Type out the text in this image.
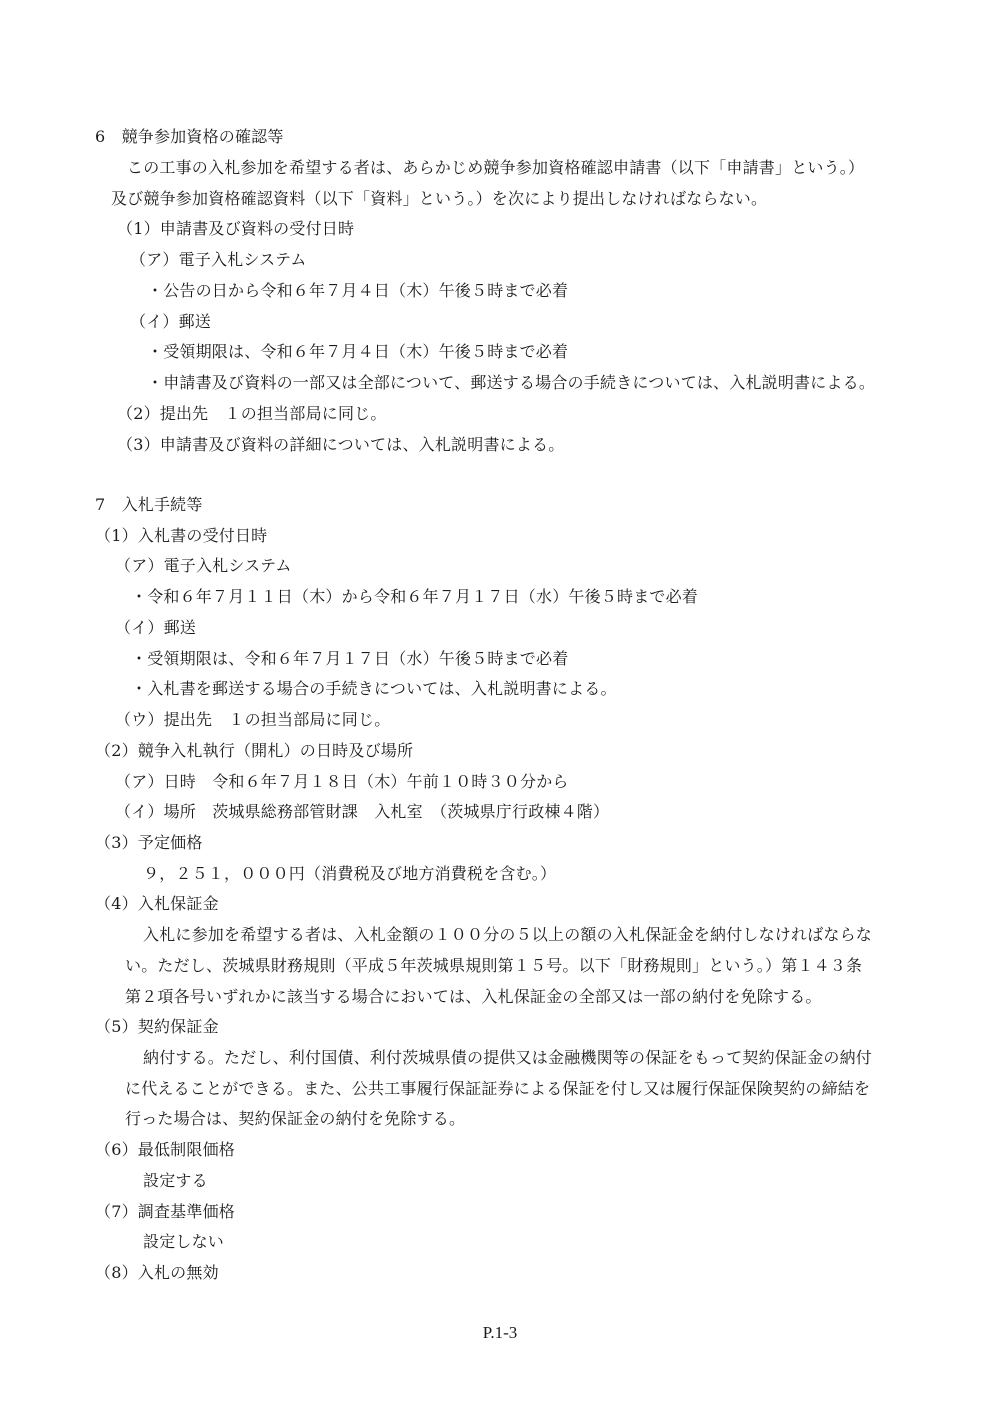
6　競争参加資格の確認等
この工事の入札参加を希望する者は、あらかじめ競争参加資格確認申請書（以下「申請書」という。）
及び競争参加資格確認資料（以下「資料」という。）を次により提出しなければならない。
（1）申請書及び資料の受付日時
（ア）電子入札システム
・公告の日から令和６年７月４日（木）午後５時まで必着
（イ）郵送
・受領期限は、令和６年７月４日（木）午後５時まで必着
・申請書及び資料の一部又は全部について、郵送する場合の手続きについては、入札説明書による。
（2）提出先　１の担当部局に同じ。
（3）申請書及び資料の詳細については、入札説明書による。
7　入札手続等
（1）入札書の受付日時
（ア）電子入札システム
・令和６年７月１１日（木）から令和６年７月１７日（水）午後５時まで必着
（イ）郵送
・受領期限は、令和６年７月１７日（水）午後５時まで必着
・入札書を郵送する場合の手続きについては、入札説明書による。
（ウ）提出先　１の担当部局に同じ。
（2）競争入札執行（開札）の日時及び場所
（ア）日時　令和６年７月１８日（木）午前１０時３０分から
（イ）場所　茨城県総務部管財課　入札室　（茨城県庁行政棟４階）
（3）予定価格
９，２５１，０００円（消費税及び地方消費税を含む。）
（4）入札保証金
入札に参加を希望する者は、入札金額の１００分の５以上の額の入札保証金を納付しなければならな
い。ただし、茨城県財務規則（平成５年茨城県規則第１５号。以下「財務規則」という。）第１４３条
第２項各号いずれかに該当する場合においては、入札保証金の全部又は一部の納付を免除する。
（5）契約保証金
納付する。ただし、利付国債、利付茨城県債の提供又は金融機関等の保証をもって契約保証金の納付
に代えることができる。また、公共工事履行保証証券による保証を付し又は履行保証保険契約の締結を
行った場合は、契約保証金の納付を免除する。
（6）最低制限価格
設定する
（7）調査基準価格
設定しない
（8）入札の無効
P.1-3
